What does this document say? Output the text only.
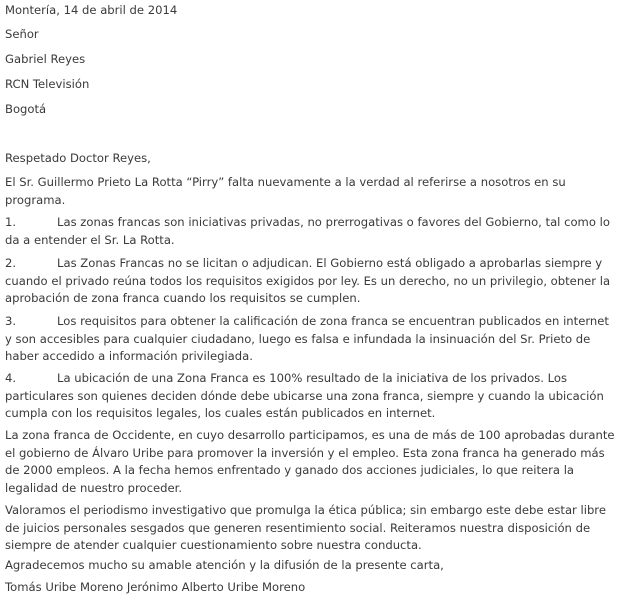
Montería, 14 de abril de 2014
Señor
Gabriel Reyes
RCN Televisión
Bogotá
Respetado Doctor Reyes,
El Sr. Guillermo Prieto La Rotta “Pirry” falta nuevamente a la verdad al referirse a nosotros en su programa.
1.	Las zonas francas son iniciativas privadas, no prerrogativas o favores del Gobierno, tal como lo da a entender el Sr. La Rotta.
2.	Las Zonas Francas no se licitan o adjudican. El Gobierno está obligado a aprobarlas siempre y cuando el privado reúna todos los requisitos exigidos por ley. Es un derecho, no un privilegio, obtener la aprobación de zona franca cuando los requisitos se cumplen.
3.	Los requisitos para obtener la calificación de zona franca se encuentran publicados en internet y son accesibles para cualquier ciudadano, luego es falsa e infundada la insinuación del Sr. Prieto de haber accedido a información privilegiada.
4.	La ubicación de una Zona Franca es 100% resultado de la iniciativa de los privados. Los particulares son quienes deciden dónde debe ubicarse una zona franca, siempre y cuando la ubicación cumpla con los requisitos legales, los cuales están publicados en internet.
La zona franca de Occidente, en cuyo desarrollo participamos, es una de más de 100 aprobadas durante el gobierno de Álvaro Uribe para promover la inversión y el empleo. Esta zona franca ha generado más de 2000 empleos. A la fecha hemos enfrentado y ganado dos acciones judiciales, lo que reitera la legalidad de nuestro proceder.
Valoramos el periodismo investigativo que promulga la ética pública; sin embargo este debe estar libre de juicios personales sesgados que generen resentimiento social. Reiteramos nuestra disposición de siempre de atender cualquier cuestionamiento sobre nuestra conducta.
Agradecemos mucho su amable atención y la difusión de la presente carta,
Tomás Uribe Moreno Jerónimo Alberto Uribe Moreno
